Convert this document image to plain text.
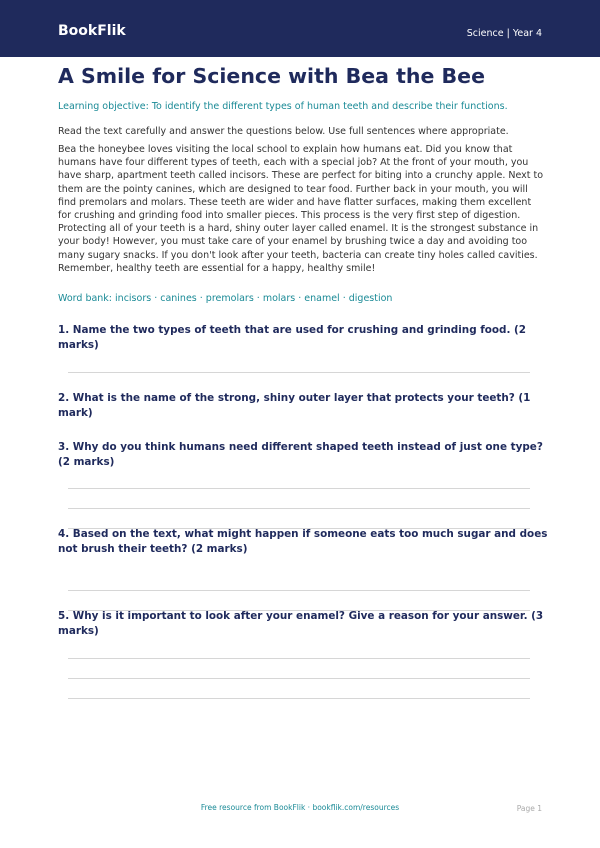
BookFlik	Science | Year 4
A Smile for Science with Bea the Bee

Learning objective: To identify the different types of human teeth and describe their functions.

Read the text carefully and answer the questions below. Use full sentences where appropriate.

Bea the honeybee loves visiting the local school to explain how humans eat. Did you know that humans have four different types of teeth, each with a special job? At the front of your mouth, you have sharp, apartment teeth called incisors. These are perfect for biting into a crunchy apple. Next to them are the pointy canines, which are designed to tear food. Further back in your mouth, you will find premolars and molars. These teeth are wider and have flatter surfaces, making them excellent for crushing and grinding food into smaller pieces. This process is the very first step of digestion. Protecting all of your teeth is a hard, shiny outer layer called enamel. It is the strongest substance in your body! However, you must take care of your enamel by brushing twice a day and avoiding too many sugary snacks. If you don't look after your teeth, bacteria can create tiny holes called cavities. Remember, healthy teeth are essential for a happy, healthy smile!

Word bank: incisors · canines · premolars · molars · enamel · digestion

1. Name the two types of teeth that are used for crushing and grinding food. (2 marks)

2. What is the name of the strong, shiny outer layer that protects your teeth? (1 mark)

3. Why do you think humans need different shaped teeth instead of just one type? (2 marks)

4. Based on the text, what might happen if someone eats too much sugar and does not brush their teeth? (2 marks)

5. Why is it important to look after your enamel? Give a reason for your answer. (3 marks)

Free resource from BookFlik · bookflik.com/resources	Page 1
